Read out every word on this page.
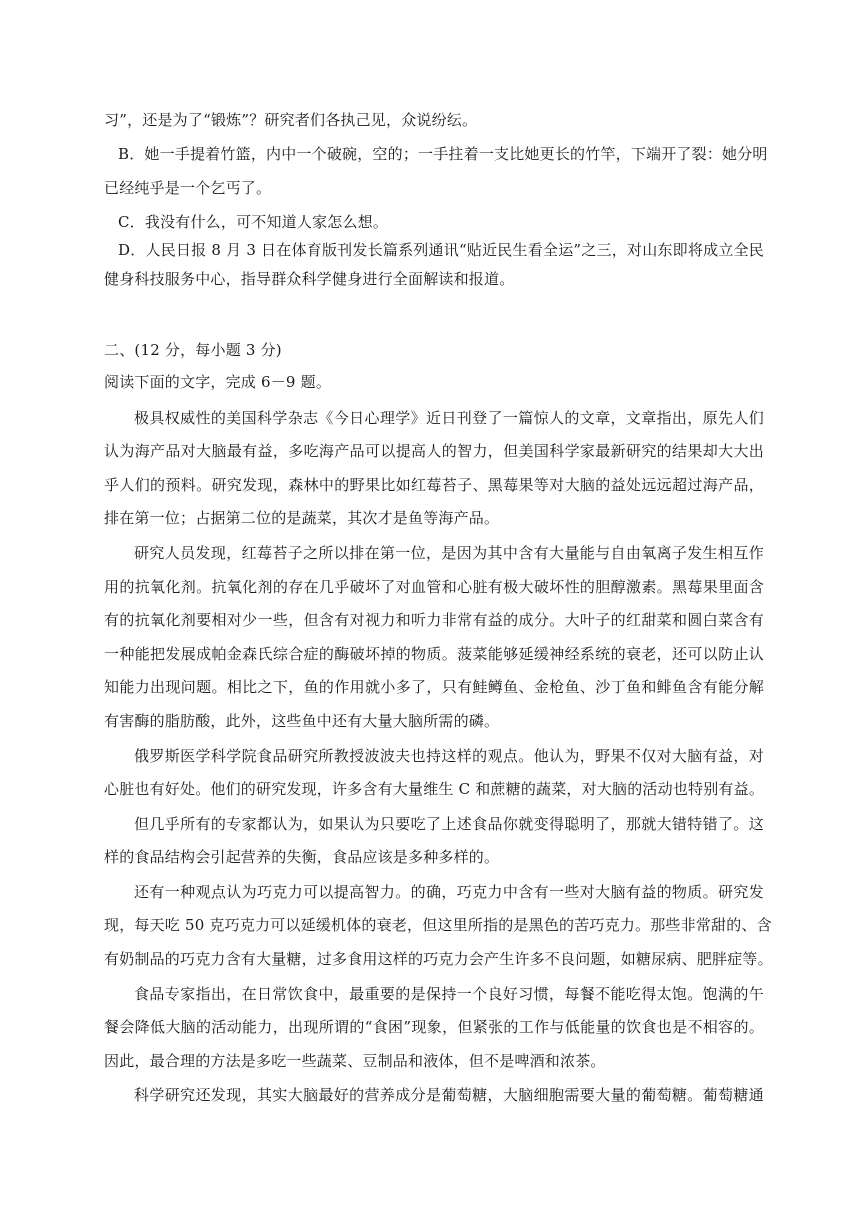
习”，还是为了“锻炼”？研究者们各执己见，众说纷纭。
B．她一手提着竹篮，内中一个破碗，空的；一手拄着一支比她更长的竹竿，下端开了裂：她分明
已经纯乎是一个乞丐了。
C．我没有什么，可不知道人家怎么想。
D．人民日报 8 月 3 日在体育版刊发长篇系列通讯“贴近民生看全运”之三，对山东即将成立全民
健身科技服务中心，指导群众科学健身进行全面解读和报道。
二、(12 分，每小题 3 分)
阅读下面的文字，完成 6－9 题。
极具权威性的美国科学杂志《今日心理学》近日刊登了一篇惊人的文章，文章指出，原先人们
认为海产品对大脑最有益，多吃海产品可以提高人的智力，但美国科学家最新研究的结果却大大出
乎人们的预料。研究发现，森林中的野果比如红莓苔子、黑莓果等对大脑的益处远远超过海产品，
排在第一位；占据第二位的是蔬菜，其次才是鱼等海产品。
研究人员发现，红莓苔子之所以排在第一位，是因为其中含有大量能与自由氧离子发生相互作
用的抗氧化剂。抗氧化剂的存在几乎破坏了对血管和心脏有极大破坏性的胆醇激素。黑莓果里面含
有的抗氧化剂要相对少一些，但含有对视力和听力非常有益的成分。大叶子的红甜菜和圆白菜含有
一种能把发展成帕金森氏综合症的酶破坏掉的物质。菠菜能够延缓神经系统的衰老，还可以防止认
知能力出现问题。相比之下，鱼的作用就小多了，只有鲑鳟鱼、金枪鱼、沙丁鱼和鲱鱼含有能分解
有害酶的脂肪酸，此外，这些鱼中还有大量大脑所需的磷。
俄罗斯医学科学院食品研究所教授波波夫也持这样的观点。他认为，野果不仅对大脑有益，对
心脏也有好处。他们的研究发现，许多含有大量维生 C 和蔗糖的蔬菜，对大脑的活动也特别有益。
但几乎所有的专家都认为，如果认为只要吃了上述食品你就变得聪明了，那就大错特错了。这
样的食品结构会引起营养的失衡，食品应该是多种多样的。
还有一种观点认为巧克力可以提高智力。的确，巧克力中含有一些对大脑有益的物质。研究发
现，每天吃 50 克巧克力可以延缓机体的衰老，但这里所指的是黑色的苦巧克力。那些非常甜的、含
有奶制品的巧克力含有大量糖，过多食用这样的巧克力会产生许多不良问题，如糖尿病、肥胖症等。
食品专家指出，在日常饮食中，最重要的是保持一个良好习惯，每餐不能吃得太饱。饱满的午
餐会降低大脑的活动能力，出现所谓的“食困”现象，但紧张的工作与低能量的饮食也是不相容的。
因此，最合理的方法是多吃一些蔬菜、豆制品和液体，但不是啤酒和浓茶。
科学研究还发现，其实大脑最好的营养成分是葡萄糖，大脑细胞需要大量的葡萄糖。葡萄糖通
